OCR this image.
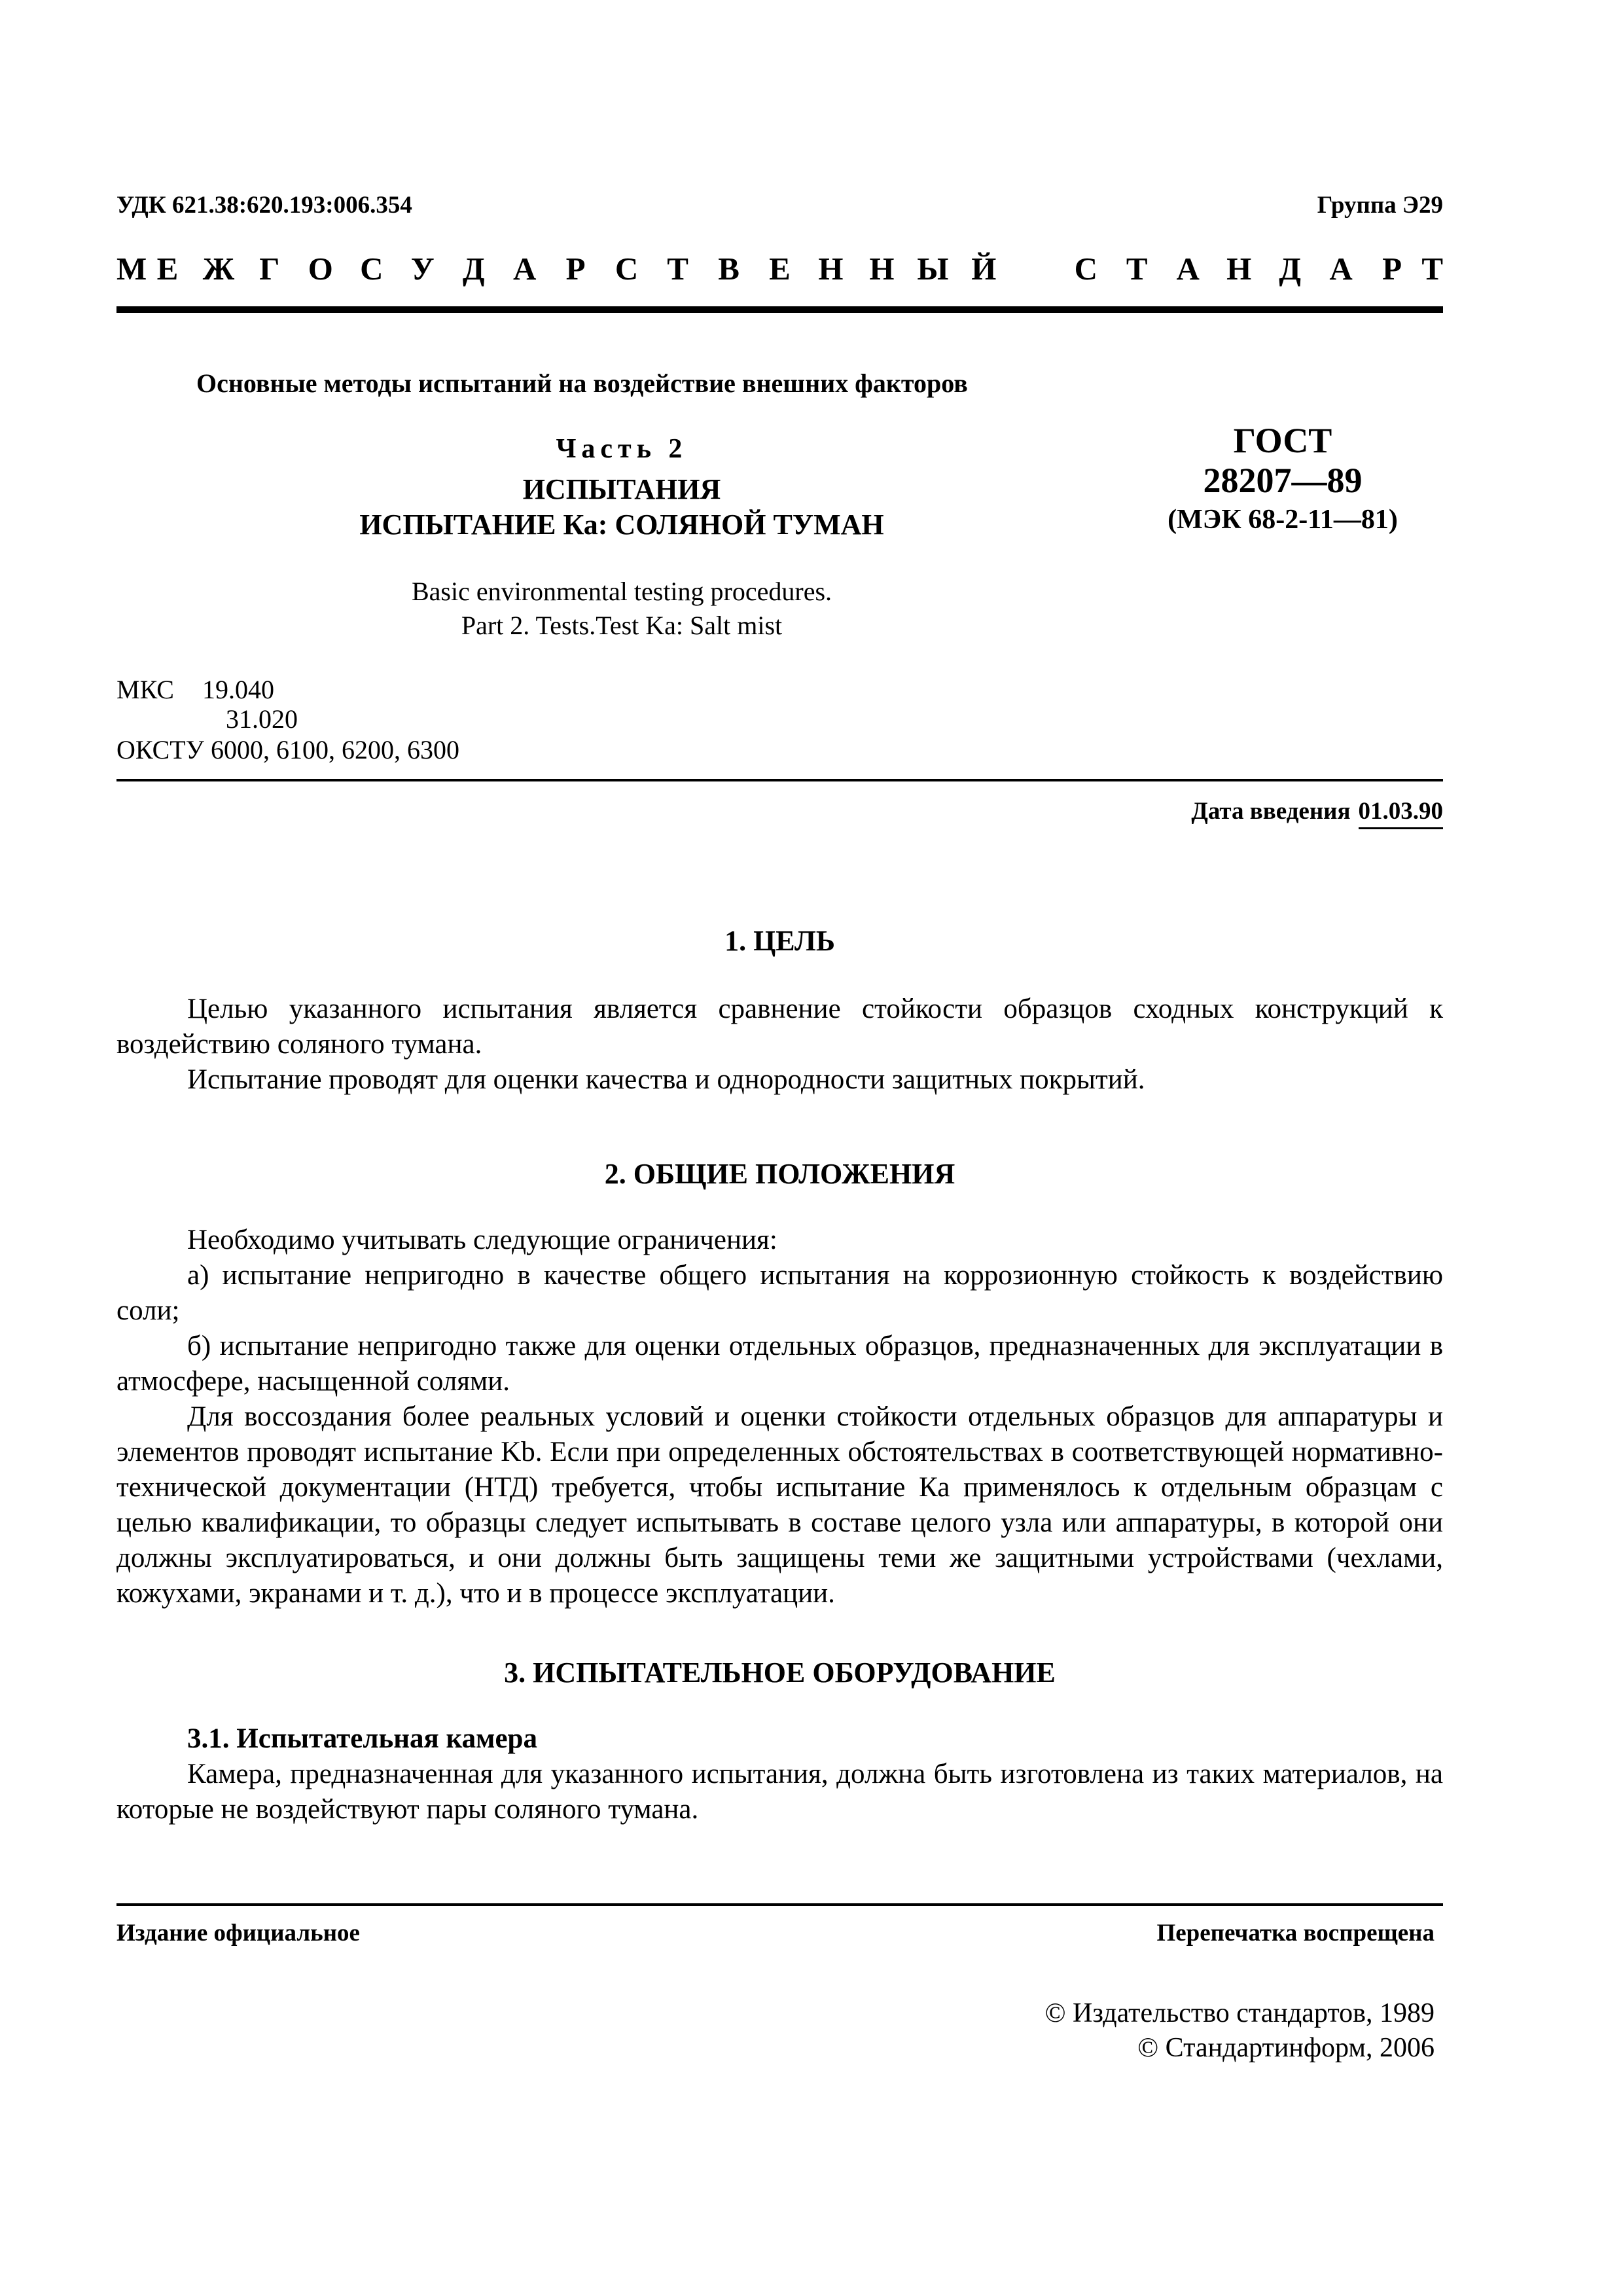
УДК 621.38:620.193:006.354	Группа Э29
М Е Ж Г О С У Д А Р С Т В Е Н Н Ы Й С Т А Н Д А Р Т
Основные методы испытаний на воздействие внешних факторов
Часть 2
ИСПЫТАНИЯ
ИСПЫТАНИЕ Ка: СОЛЯНОЙ ТУМАН
ГОСТ
28207—89
(МЭК 68-2-11—81)
Basic environmental testing procedures.
Part 2. Tests.Test Ka: Salt mist
МКС 19.040
31.020
ОКСТУ 6000, 6100, 6200, 6300
Дата введения 01.03.90
1. ЦЕЛЬ

Целью указанного испытания является сравнение стойкости образцов сходных конструкций к воздействию соляного тумана.

Испытание проводят для оценки качества и однородности защитных покрытий.

2. ОБЩИЕ ПОЛОЖЕНИЯ

Необходимо учитывать следующие ограничения:

а) испытание непригодно в качестве общего испытания на коррозионную стойкость к воздействию соли;

б) испытание непригодно также для оценки отдельных образцов, предназначенных для эксплуатации в атмосфере, насыщенной солями.

Для воссоздания более реальных условий и оценки стойкости отдельных образцов для аппаратуры и элементов проводят испытание Kb. Если при определенных обстоятельствах в соответствующей нормативно-технической документации (НТД) требуется, чтобы испытание Ка применялось к отдельным образцам с целью квалификации, то образцы следует испытывать в составе целого узла или аппаратуры, в которой они должны эксплуатироваться, и они должны быть защищены теми же защитными устройствами (чехлами, кожухами, экранами и т. д.), что и в процессе эксплуатации.

3. ИСПЫТАТЕЛЬНОЕ ОБОРУДОВАНИЕ

3.1. Испытательная камера

Камера, предназначенная для указанного испытания, должна быть изготовлена из таких материалов, на которые не воздействуют пары соляного тумана.

Издание официальное	Перепечатка воспрещена
© Издательство стандартов, 1989
© Стандартинформ, 2006
